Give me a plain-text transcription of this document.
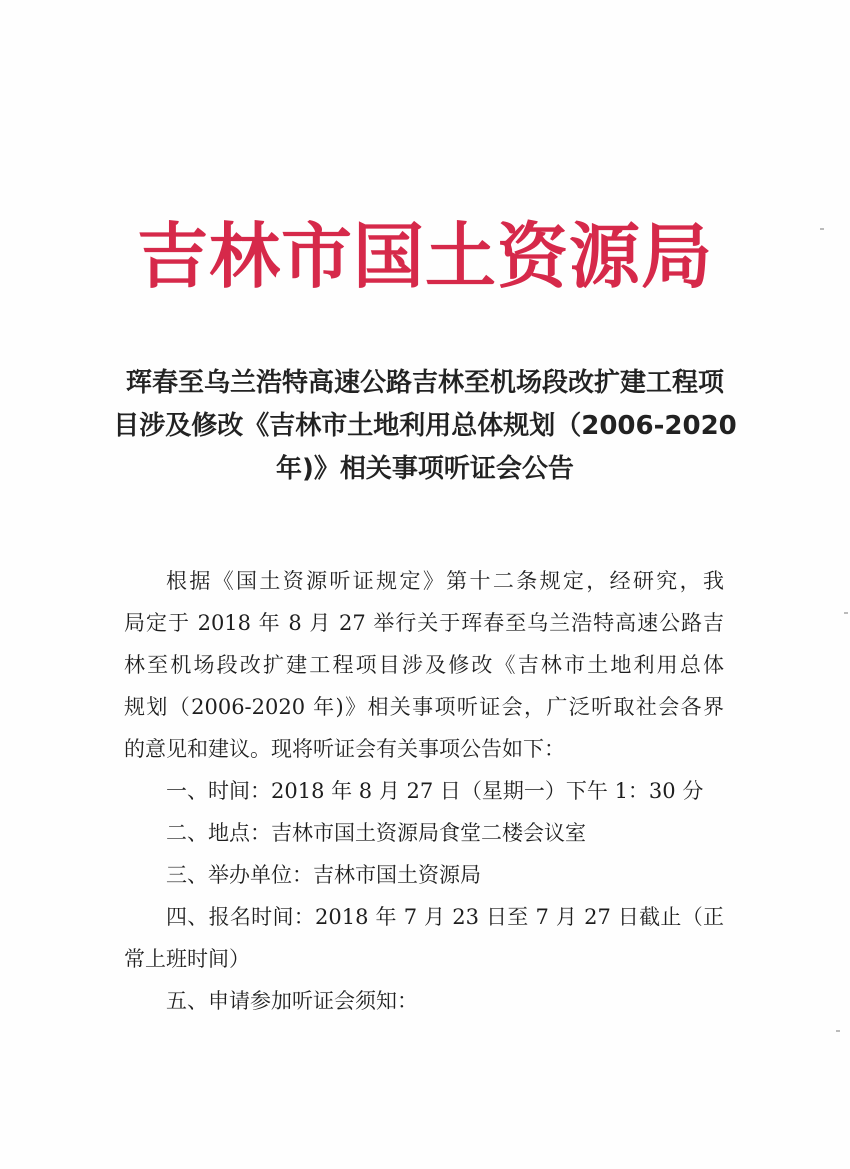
吉林市国土资源局
珲春至乌兰浩特高速公路吉林至机场段改扩建工程项
目涉及修改《吉林市土地利用总体规划（2006-2020
年)》相关事项听证会公告
根据《国土资源听证规定》第十二条规定，经研究，我
局定于 2018 年 8 月 27 举行关于珲春至乌兰浩特高速公路吉
林至机场段改扩建工程项目涉及修改《吉林市土地利用总体
规划（2006-2020 年)》相关事项听证会，广泛听取社会各界
的意见和建议。现将听证会有关事项公告如下：
一、时间：2018 年 8 月 27 日（星期一）下午 1：30 分
二、地点：吉林市国土资源局食堂二楼会议室
三、举办单位：吉林市国土资源局
四、报名时间：2018 年 7 月 23 日至 7 月 27 日截止（正
常上班时间）
五、申请参加听证会须知：
